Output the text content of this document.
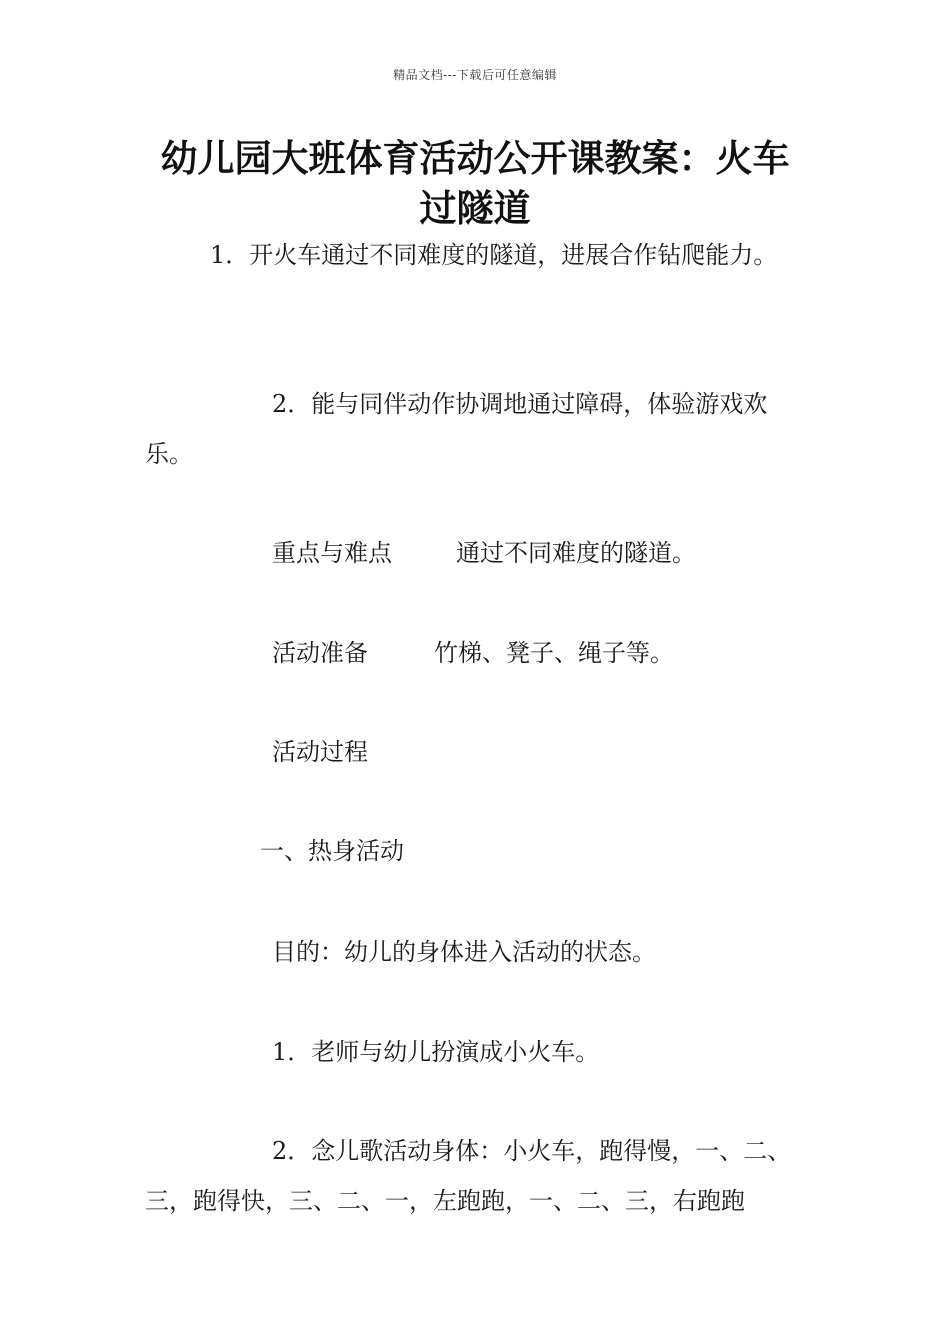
精品文档---下载后可任意编辑
幼儿园大班体育活动公开课教案：火车
过隧道
1．开火车通过不同难度的隧道，进展合作钻爬能力。
2．能与同伴动作协调地通过障碍，体验游戏欢
乐。
重点与难点	通过不同难度的隧道。
活动准备	竹梯、凳子、绳子等。
活动过程
一、热身活动
目的：幼儿的身体进入活动的状态。
1．老师与幼儿扮演成小火车。
2．念儿歌活动身体：小火车，跑得慢，一、二、
三，跑得快，三、二、一，左跑跑，一、二、三，右跑跑
